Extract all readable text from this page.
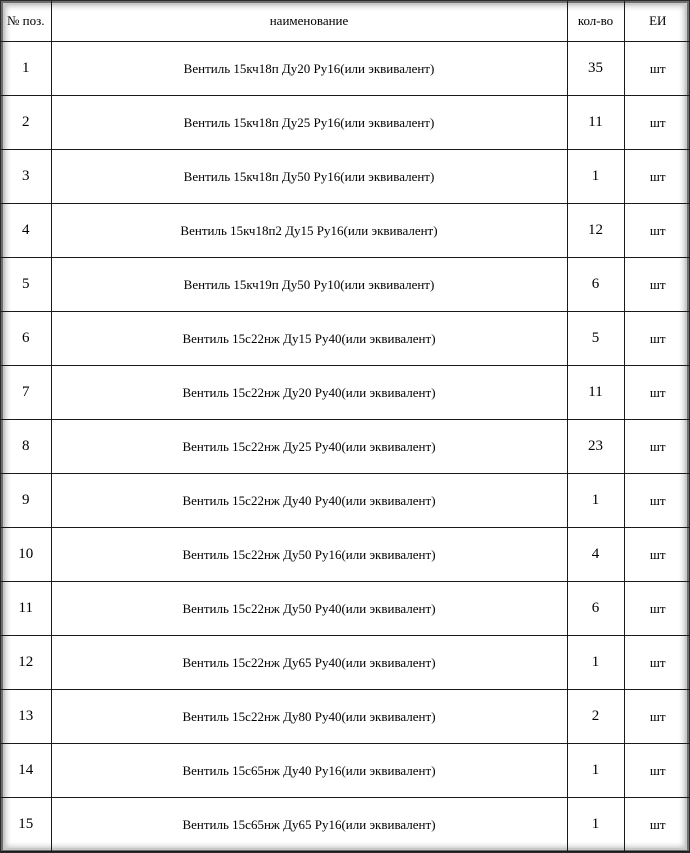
№ поз.	наименование	кол-во	ЕИ
1	Вентиль 15кч18п Ду20 Ру16(или эквивалент)	35	шт
2	Вентиль 15кч18п Ду25 Ру16(или эквивалент)	11	шт
3	Вентиль 15кч18п Ду50 Ру16(или эквивалент)	1	шт
4	Вентиль 15кч18п2 Ду15 Ру16(или эквивалент)	12	шт
5	Вентиль 15кч19п Ду50 Ру10(или эквивалент)	6	шт
6	Вентиль 15с22нж Ду15 Ру40(или эквивалент)	5	шт
7	Вентиль 15с22нж Ду20 Ру40(или эквивалент)	11	шт
8	Вентиль 15с22нж Ду25 Ру40(или эквивалент)	23	шт
9	Вентиль 15с22нж Ду40 Ру40(или эквивалент)	1	шт
10	Вентиль 15с22нж Ду50 Ру16(или эквивалент)	4	шт
11	Вентиль 15с22нж Ду50 Ру40(или эквивалент)	6	шт
12	Вентиль 15с22нж Ду65 Ру40(или эквивалент)	1	шт
13	Вентиль 15с22нж Ду80 Ру40(или эквивалент)	2	шт
14	Вентиль 15с65нж Ду40 Ру16(или эквивалент)	1	шт
15	Вентиль 15с65нж Ду65 Ру16(или эквивалент)	1	шт
